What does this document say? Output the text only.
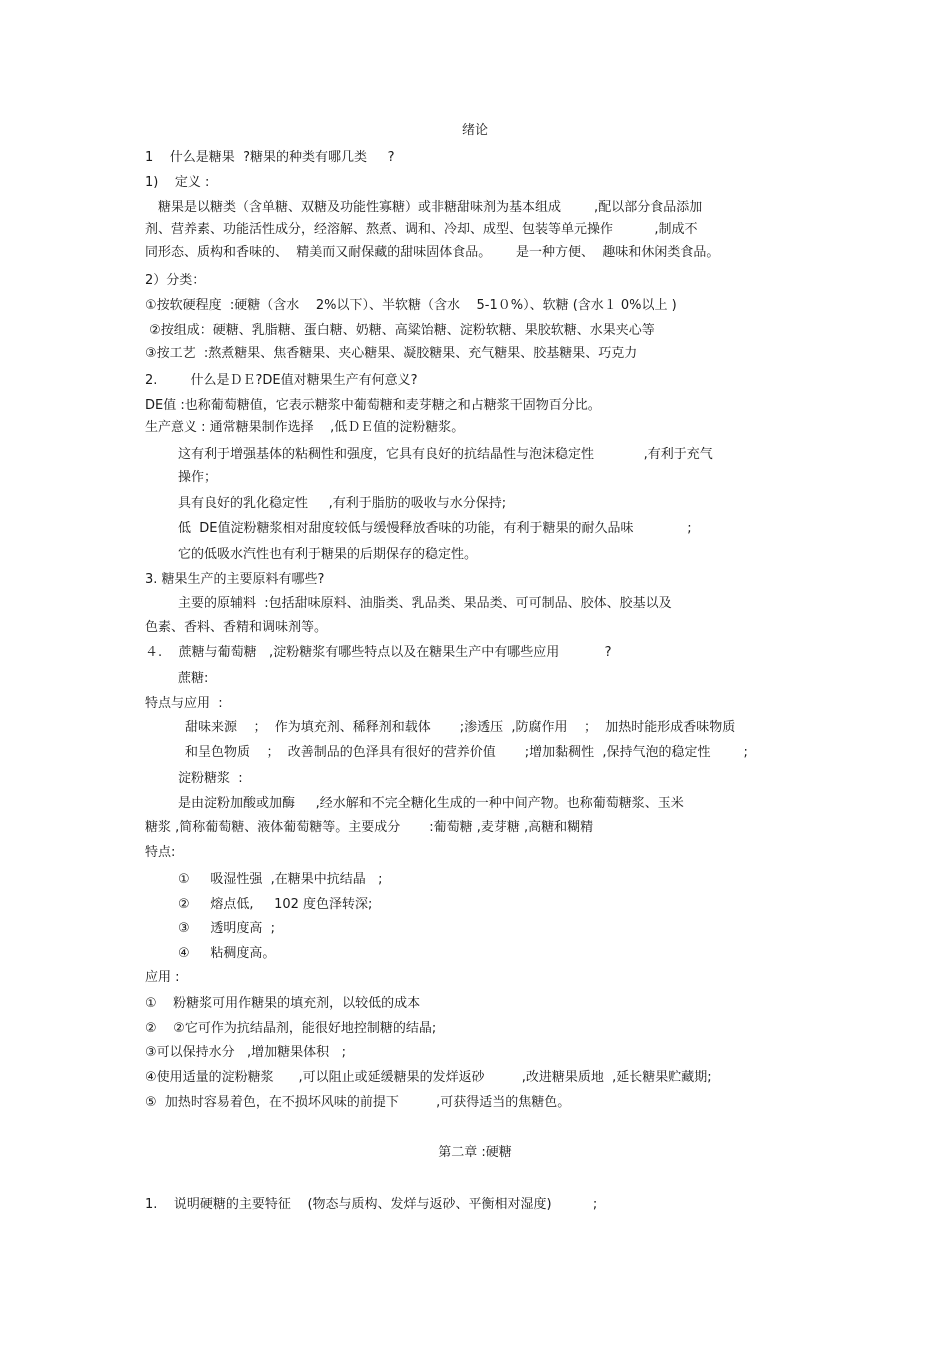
绪论
1    什么是糖果  ?糖果的种类有哪几类     ?
1)    定义 :
糖果是以糖类（含单糖、双糖及功能性寡糖）或非糖甜味剂为基本组成        ,配以部分食品添加
剂、营养素、功能活性成分，经溶解、熬煮、调和、冷却、成型、包装等单元操作          ,制成不
同形态、质构和香味的、  精美而又耐保藏的甜味固体食品。      是一种方便、  趣味和休闲类食品。
2）分类：
①按软硬程度  :硬糖（含水    2%以下）、半软糖（含水    5-1０%）、软糖 (含水１ 0%以上 )
②按组成：硬糖、乳脂糖、蛋白糖、奶糖、高粱饴糖、淀粉软糖、果胶软糖、水果夹心等
③按工艺  :熬煮糖果、焦香糖果、夹心糖果、凝胶糖果、充气糖果、胶基糖果、巧克力
2.        什么是ＤＥ?DE值对糖果生产有何意义?
DE值 :也称葡萄糖值，它表示糖浆中葡萄糖和麦芽糖之和占糖浆干固物百分比。
生产意义 : 通常糖果制作选择    ,低ＤＥ值的淀粉糖浆。
这有利于增强基体的粘稠性和强度，它具有良好的抗结晶性与泡沫稳定性            ,有利于充气
操作；
具有良好的乳化稳定性     ,有利于脂肪的吸收与水分保持;
低  DE值淀粉糖浆相对甜度较低与缓慢释放香味的功能，有利于糖果的耐久品味             ;
它的低吸水汽性也有利于糖果的后期保存的稳定性。
3. 糖果生产的主要原料有哪些?
主要的原辅料  :包括甜味原料、油脂类、乳品类、果品类、可可制品、胶体、胶基以及
色素、香料、香精和调味剂等。
４.    蔗糖与葡萄糖   ,淀粉糖浆有哪些特点以及在糖果生产中有哪些应用           ?
蔗糖:
特点与应用  :
甜味来源    ；  作为填充剂、稀释剂和载体       ;渗透压  ,防腐作用    ；  加热时能形成香味物质
和呈色物质    ；  改善制品的色泽具有很好的营养价值       ;增加黏稠性  ,保持气泡的稳定性        ;
淀粉糖浆  :
是由淀粉加酸或加酶     ,经水解和不完全糖化生成的一种中间产物。也称葡萄糖浆、玉米
糖浆 ,简称葡萄糖、液体葡萄糖等。主要成分       :葡萄糖 ,麦芽糖 ,高糖和糊精
特点:
①     吸湿性强  ,在糖果中抗结晶   ;
②     熔点低,     102 度色泽转深;
③     透明度高  ;
④     粘稠度高。
应用 :
①    粉糖浆可用作糖果的填充剂，以较低的成本
②    ②它可作为抗结晶剂，能很好地控制糖的结晶;
③可以保持水分   ,增加糖果体积   ;
④使用适量的淀粉糖浆      ,可以阻止或延缓糖果的发烊返砂         ,改进糖果质地  ,延长糖果贮藏期;
⑤  加热时容易着色，在不损坏风味的前提下         ,可获得适当的焦糖色。
第二章 :硬糖
1.    说明硬糖的主要特征    (物态与质构、发烊与返砂、平衡相对湿度)          ;
